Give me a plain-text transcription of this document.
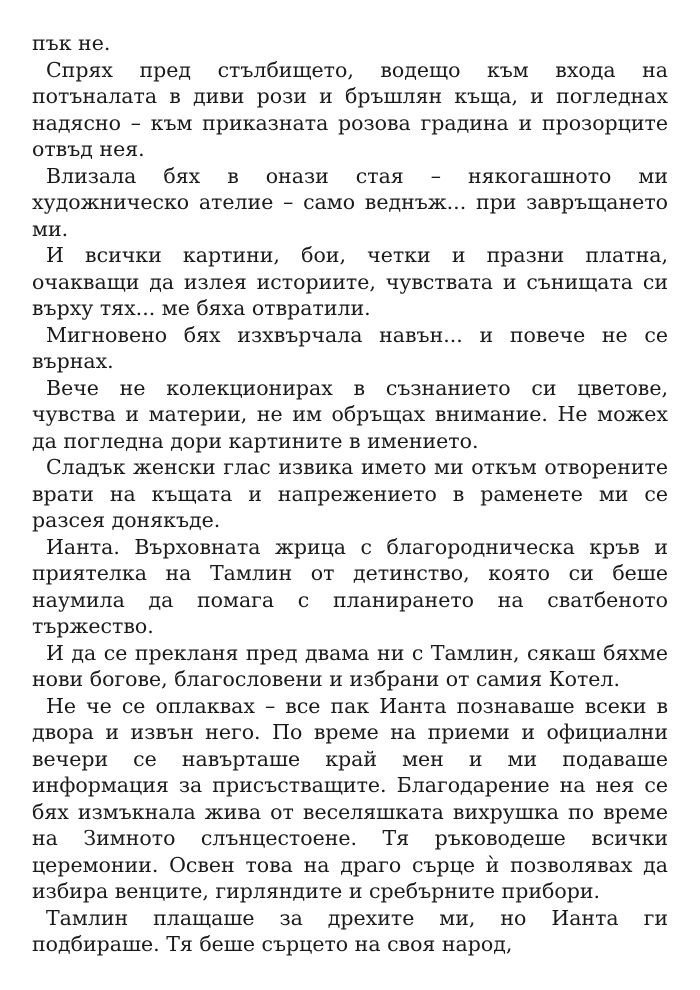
пък не.

Спрях пред стълбището, водещо към входа на потъналата в диви рози и бръшлян къща, и погледнах надясно – към приказната розова градина и прозорците отвъд нея.

Влизала бях в онази стая – някогашното ми художническо ателие – само веднъж... при завръщането ми.

И всички картини, бои, четки и празни платна, очакващи да излея историите, чувствата и сънищата си върху тях... ме бяха отвратили.

Мигновено бях изхвърчала навън... и повече не се върнах.

Вече не колекционирах в съзнанието си цветове, чувства и материи, не им обръщах внимание. Не можех да погледна дори картините в имението.

Сладък женски глас извика името ми откъм отворените врати на къщата и напрежението в раменете ми се разсея донякъде.

Ианта. Върховната жрица с благородническа кръв и приятелка на Тамлин от детинство, която си беше наумила да помага с планирането на сватбеното тържество.

И да се прекланя пред двама ни с Тамлин, сякаш бяхме нови богове, благословени и избрани от самия Котел.

Не че се оплаквах – все пак Ианта познаваше всеки в двора и извън него. По време на приеми и официални вечери се навърташе край мен и ми подаваше информация за присъстващите. Благодарение на нея се бях измъкнала жива от веселяшката вихрушка по време на Зимното слънцестоене. Тя ръководеше всички церемонии. Освен това на драго сърце ѝ позволявах да избира венците, гирляндите и сребърните прибори.

Тамлин плащаше за дрехите ми, но Ианта ги подбираше. Тя беше сърцето на своя народ,
